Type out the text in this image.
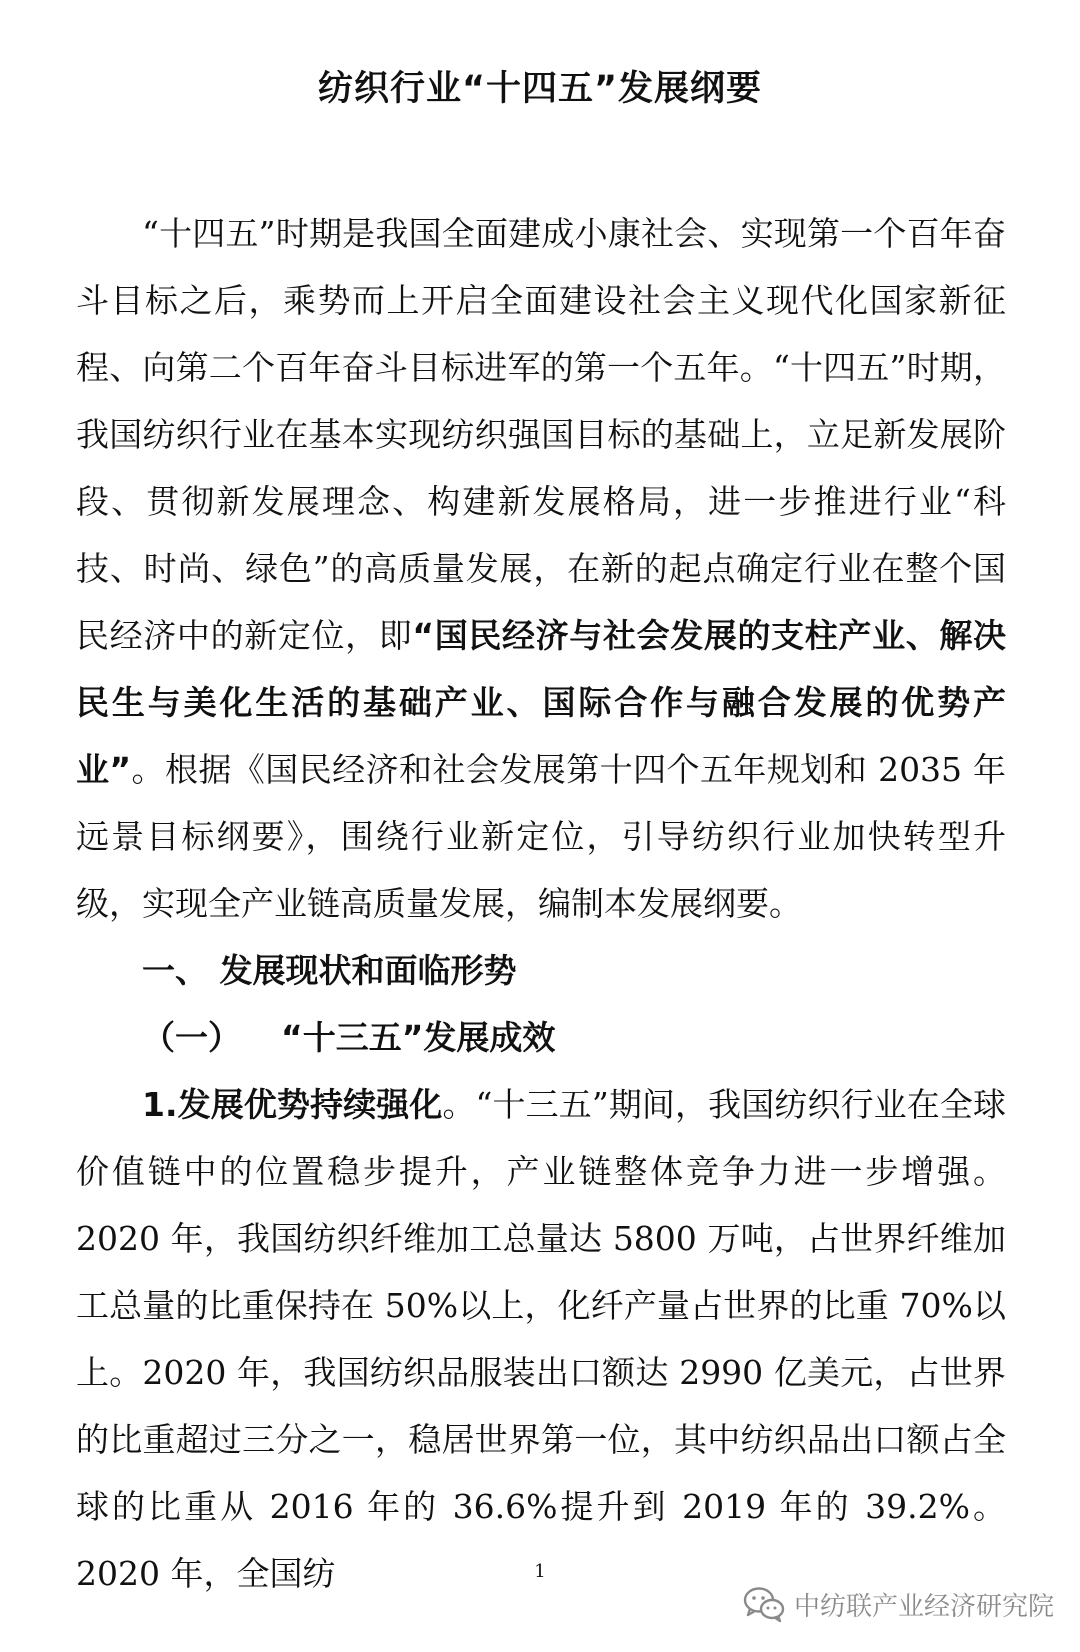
纺织行业“十四五”发展纲要

“十四五”时期是我国全面建成小康社会、实现第一个百年奋斗目标之后，乘势而上开启全面建设社会主义现代化国家新征程、向第二个百年奋斗目标进军的第一个五年。“十四五”时期，我国纺织行业在基本实现纺织强国目标的基础上，立足新发展阶段、贯彻新发展理念、构建新发展格局，进一步推进行业“科技、时尚、绿色”的高质量发展，在新的起点确定行业在整个国民经济中的新定位，即“国民经济与社会发展的支柱产业、解决民生与美化生活的基础产业、国际合作与融合发展的优势产业”。根据《国民经济和社会发展第十四个五年规划和 2035 年远景目标纲要》，围绕行业新定位，引导纺织行业加快转型升级，实现全产业链高质量发展，编制本发展纲要。

一、 发展现状和面临形势

（一） “十三五”发展成效

1.发展优势持续强化。“十三五”期间，我国纺织行业在全球价值链中的位置稳步提升，产业链整体竞争力进一步增强。2020 年，我国纺织纤维加工总量达 5800 万吨，占世界纤维加工总量的比重保持在 50%以上，化纤产量占世界的比重 70%以上。2020 年，我国纺织品服装出口额达 2990 亿美元，占世界的比重超过三分之一，稳居世界第一位，其中纺织品出口额占全球的比重从 2016 年的 36.6%提升到 2019 年的 39.2%。2020 年，全国纺	1
中纺联产业经济研究院
